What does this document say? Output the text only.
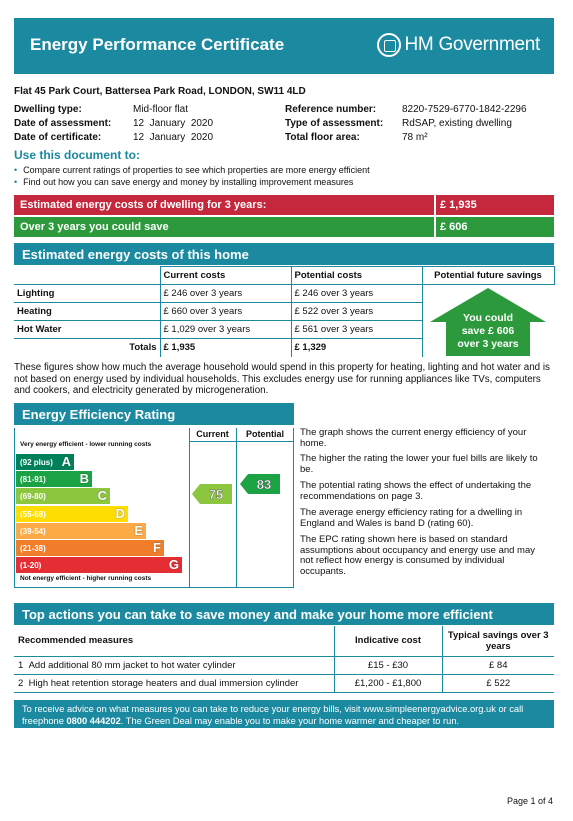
Energy Performance Certificate	HM Government
Flat 45 Park Court, Battersea Park Road, LONDON, SW11 4LD
Dwelling type:	Mid-floor flat
Date of assessment: 12  January  2020
Date of certificate:	12  January  2020
Reference number:	8220-7529-6770-1842-2296
Type of assessment: RdSAP, existing dwelling
Total floor area:	78 m²
Use this document to:
• Compare current ratings of properties to see which properties are more energy efficient
• Find out how you can save energy and money by installing improvement measures
Estimated energy costs of dwelling for 3 years:	£ 1,935
Over 3 years you could save	£ 606
Estimated energy costs of this home
	Current costs	Potential costs	Potential future savings
Lighting	£ 246 over 3 years	£ 246 over 3 years	
Heating	£ 660 over 3 years	£ 522 over 3 years	
Hot Water	£ 1,029 over 3 years	£ 561 over 3 years	
Totals	£ 1,935	£ 1,329	
You could
save £ 606
over 3 years
These figures show how much the average household would spend in this property for heating, lighting and hot water and is not based on energy used by individual households. This excludes energy use for running appliances like TVs, computers and cookers, and electricity generated by microgeneration.
Energy Efficiency Rating
Current	Potential
Very energy efficient - lower running costs
(92 plus) A
(81-91)	B
(69-80)	C
(55-68)	D
(39-54)	E
(21-38)	F
(1-20)	G
Not energy efficient - higher running costs
75
83
The graph shows the current energy efficiency of your home.
The higher the rating the lower your fuel bills are likely to be.
The potential rating shows the effect of undertaking the recommendations on page 3.
The average energy efficiency rating for a dwelling in England and Wales is band D (rating 60).
The EPC rating shown here is based on standard assumptions about occupancy and energy use and may not reflect how energy is consumed by individual occupants.
Top actions you can take to save money and make your home more efficient
Recommended measures	Indicative cost	Typical savings over 3 years
1 Add additional 80 mm jacket to hot water cylinder	£15 - £30	£ 84
2 High heat retention storage heaters and dual immersion cylinder	£1,200 - £1,800	£ 522
To receive advice on what measures you can take to reduce your energy bills, visit www.simpleenergyadvice.org.uk or call freephone 0800 444202. The Green Deal may enable you to make your home warmer and cheaper to run.
Page 1 of 4
